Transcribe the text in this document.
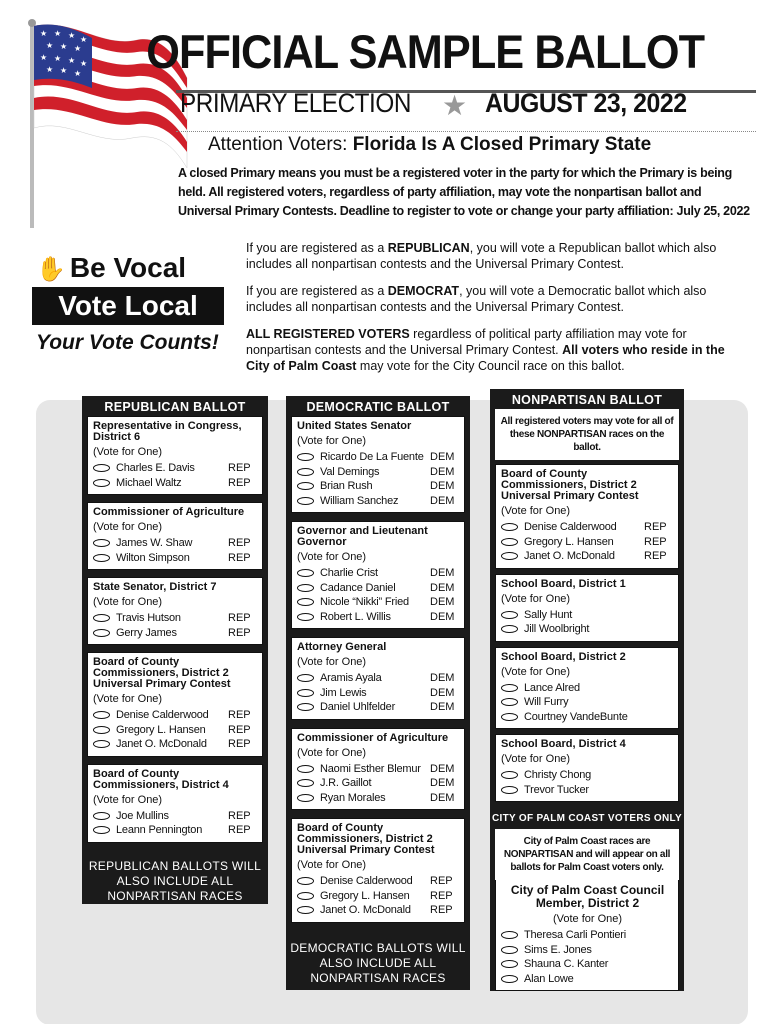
★ ★ ★ ★
★ ★ ★
★ ★ ★ ★
★ ★ ★ OFFICIAL SAMPLE BALLOT
PRIMARY ELECTION ★ AUGUST 23, 2022
Attention Voters: Florida Is A Closed Primary State
A closed Primary means you must be a registered voter in the party for which the Primary is being held. All registered voters, regardless of party affiliation, may vote the nonpartisan ballot and Universal Primary Contests. Deadline to register to vote or change your party affiliation: July 25, 2022
✋ Be Vocal
Vote Local
Your Vote Counts!
If you are registered as a REPUBLICAN, you will vote a Republican ballot which also includes all nonpartisan contests and the Universal Primary Contest.
If you are registered as a DEMOCRAT, you will vote a Democratic ballot which also includes all nonpartisan contests and the Universal Primary Contest.
ALL REGISTERED VOTERS regardless of political party affiliation may vote for nonpartisan contests and the Universal Primary Contest. All voters who reside in the City of Palm Coast may vote for the City Council race on this ballot.
REPUBLICAN BALLOT
Representative in Congress, District 6
(Vote for One)
Charles E. Davis	REP
Michael Waltz	REP
Commissioner of Agriculture
(Vote for One)
James W. Shaw	REP
Wilton Simpson	REP
State Senator, District 7
(Vote for One)
Travis Hutson	REP
Gerry James	REP
Board of County Commissioners, District 2 Universal Primary Contest
(Vote for One)
Denise Calderwood	REP
Gregory L. Hansen	REP
Janet O. McDonald	REP
Board of County Commissioners, District 4
(Vote for One)
Joe Mullins	REP
Leann Pennington	REP
REPUBLICAN BALLOTS WILL ALSO INCLUDE ALL NONPARTISAN RACES
DEMOCRATIC BALLOT
United States Senator
(Vote for One)
Ricardo De La Fuente DEM
Val Demings	DEM
Brian Rush	DEM
William Sanchez	DEM
Governor and Lieutenant Governor
(Vote for One)
Charlie Crist	DEM
Cadance Daniel	DEM
Nicole “Nikki” Fried	DEM
Robert L. Willis	DEM
Attorney General
(Vote for One)
Aramis Ayala	DEM
Jim Lewis	DEM
Daniel Uhlfelder	DEM
Commissioner of Agriculture
(Vote for One)
Naomi Esther Blemur DEM
J.R. Gaillot	DEM
Ryan Morales	DEM
Board of County Commissioners, District 2 Universal Primary Contest
(Vote for One)
Denise Calderwood	REP
Gregory L. Hansen	REP
Janet O. McDonald	REP
DEMOCRATIC BALLOTS WILL ALSO INCLUDE ALL NONPARTISAN RACES
NONPARTISAN BALLOT
All registered voters may vote for all of these NONPARTISAN races on the ballot.
Board of County Commissioners, District 2 Universal Primary Contest
(Vote for One)
Denise Calderwood	REP
Gregory L. Hansen	REP
Janet O. McDonald	REP
School Board, District 1
(Vote for One)
Sally Hunt
Jill Woolbright
School Board, District 2
(Vote for One)
Lance Alred
Will Furry
Courtney VandeBunte
School Board, District 4
(Vote for One)
Christy Chong
Trevor Tucker
CITY OF PALM COAST VOTERS ONLY
City of Palm Coast races are NONPARTISAN and will appear on all ballots for Palm Coast voters only.
City of Palm Coast Council Member, District 2
(Vote for One)
Theresa Carli Pontieri
Sims E. Jones
Shauna C. Kanter
Alan Lowe
